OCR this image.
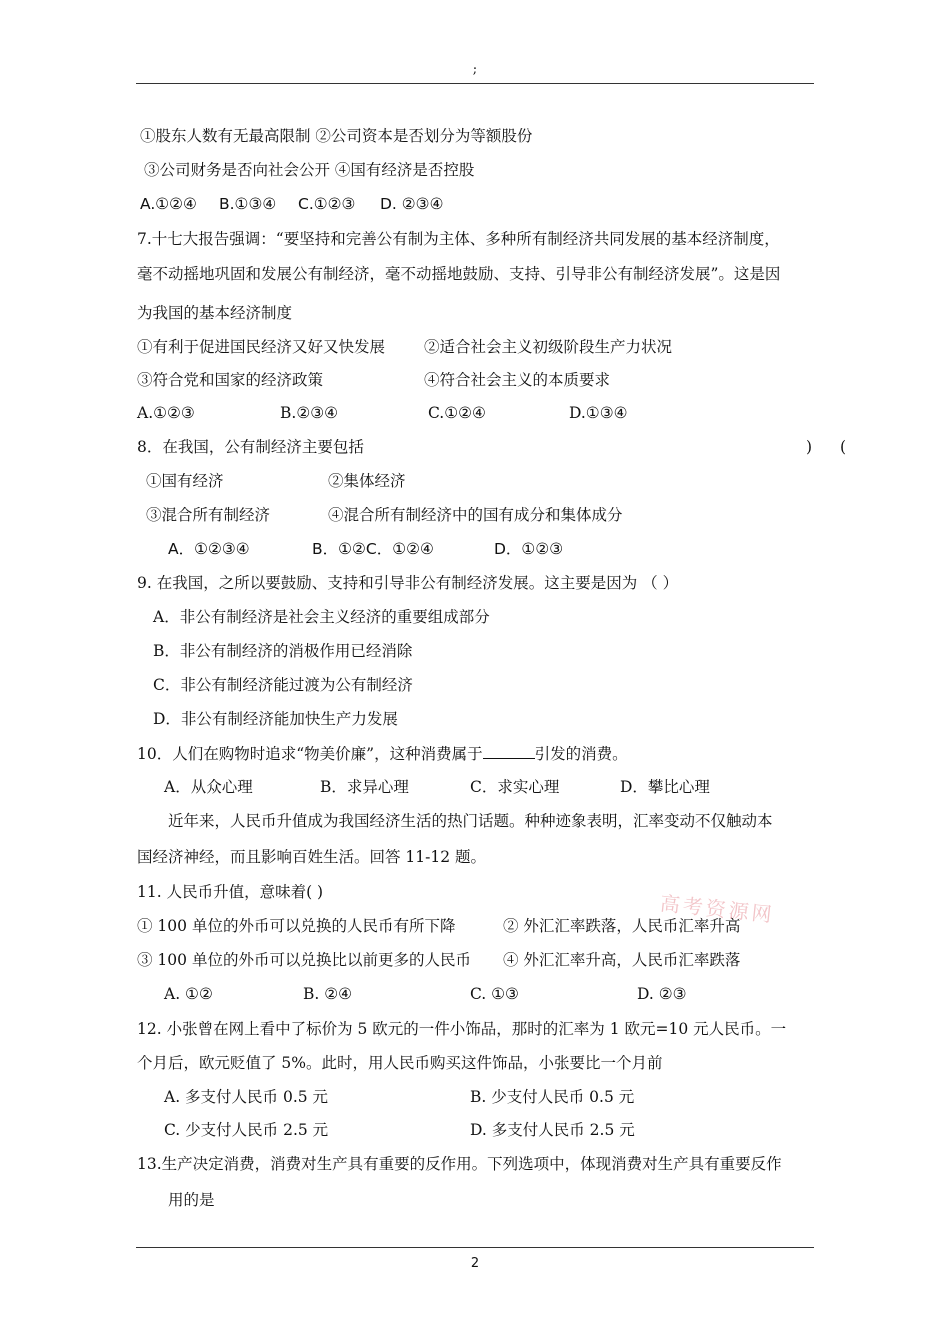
;
①股东人数有无最高限制 ②公司资本是否划分为等额股份
③公司财务是否向社会公开 ④国有经济是否控股
A.①②④ B.①③④ C.①②③ D. ②③④
7.十七大报告强调：“要坚持和完善公有制为主体、多种所有制经济共同发展的基本经济制度，
毫不动摇地巩固和发展公有制经济，毫不动摇地鼓励、支持、引导非公有制经济发展”。这是因
为我国的基本经济制度
①有利于促进国民经济又好又快发展	②适合社会主义初级阶段生产力状况
③符合党和国家的经济政策	④符合社会主义的本质要求
A.①②③	B.②③④	C.①②④	D.①③④
8．在我国，公有制经济主要包括	) (
①国有经济	②集体经济
③混合所有制经济	④混合所有制经济中的国有成分和集体成分
A．①②③④	B．①②C．①②④	D．①②③
9. 在我国，之所以要鼓励、支持和引导非公有制经济发展。这主要是因为 （ ）
A．非公有制经济是社会主义经济的重要组成部分
B．非公有制经济的消极作用已经消除
C．非公有制经济能过渡为公有制经济
D．非公有制经济能加快生产力发展
10．人们在购物时追求“物美价廉”，这种消费属于	引发的消费。
A．从众心理	B．求异心理	C．求实心理	D．攀比心理
近年来，人民币升值成为我国经济生活的热门话题。种种迹象表明，汇率变动不仅触动本
国经济神经，而且影响百姓生活。回答 11-12 题。
高考资源网
11. 人民币升值，意味着( )
① 100 单位的外币可以兑换的人民币有所下降	② 外汇汇率跌落，人民币汇率升高
③ 100 单位的外币可以兑换比以前更多的人民币 ④ 外汇汇率升高，人民币汇率跌落
A. ①②	B. ②④	C. ①③	D. ②③
12. 小张曾在网上看中了标价为 5 欧元的一件小饰品，那时的汇率为 1 欧元=10 元人民币。一
个月后，欧元贬值了 5%。此时，用人民币购买这件饰品，小张要比一个月前
A. 多支付人民币 0.5 元	B. 少支付人民币 0.5 元
C. 少支付人民币 2.5 元	D. 多支付人民币 2.5 元
13.生产决定消费，消费对生产具有重要的反作用。下列选项中，体现消费对生产具有重要反作
用的是
2
